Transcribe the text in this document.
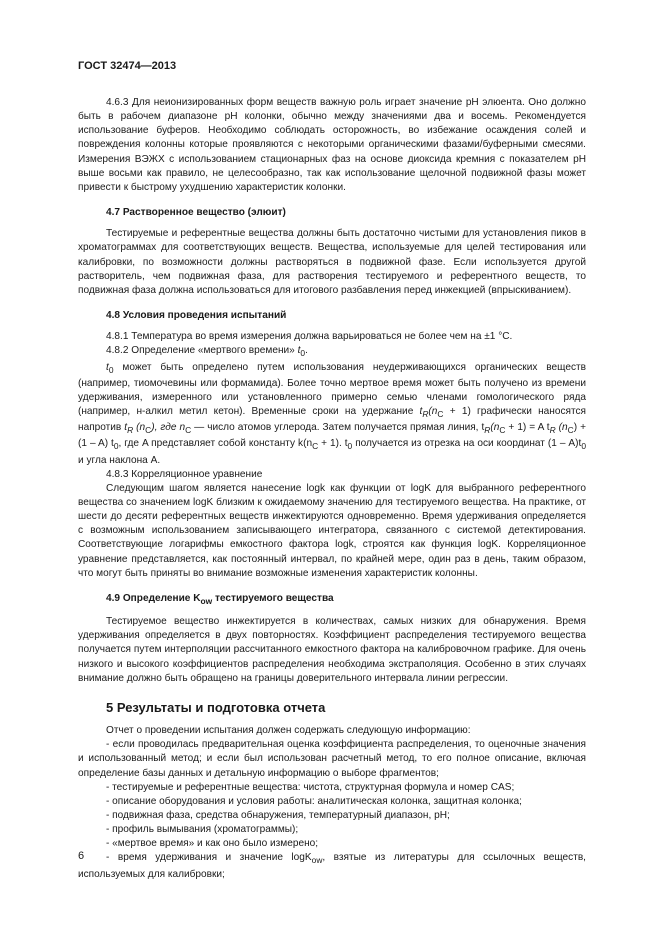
ГОСТ 32474—2013

4.6.3 Для неионизированных форм веществ важную роль играет значение pH элюента. Оно должно быть в рабочем диапазоне pH колонки, обычно между значениями два и восемь. Рекомендуется использование буферов. Необходимо соблюдать осторожность, во избежание осаждения солей и повреждения колонны которые проявляются с некоторыми органическими фазами/буферными смесями. Измерения ВЭЖХ с использованием стационарных фаз на основе диоксида кремния с показателем pH выше восьми как правило, не целесообразно, так как использование щелочной подвижной фазы может привести к быстрому ухудшению характеристик колонки.

4.7 Растворенное вещество (элюит)

Тестируемые и референтные вещества должны быть достаточно чистыми для установления пиков в хроматограммах для соответствующих веществ. Вещества, используемые для целей тестирования или калибровки, по возможности должны растворяться в подвижной фазе. Если используется другой растворитель, чем подвижная фаза, для растворения тестируемого и референтного веществ, то подвижная фаза должна использоваться для итогового разбавления перед инжекцией (впрыскиванием).

4.8 Условия проведения испытаний

4.8.1 Температура во время измерения должна варьироваться не более чем на ±1 °C.

4.8.2 Определение «мертвого времени» $t_0$.

$t_0$ может быть определено путем использования неудерживающихся органических веществ (например, тиомочевины или формамида). Более точно мертвое время может быть получено из времени удерживания, измеренного или установленного примерно семью членами гомологического ряда (например, н-алкил метил кетон). Временные сроки на удержание $t_R(n_C + 1)$ графически наносятся напротив $t_R$ $(n_C)$, где $n_C$ — число атомов углерода. Затем получается прямая линия, $t_R(n_C + 1) = A$ $t_R$ $(n_C) + (1 - A)$ $t_0$, где A представляет собой константу $k(n_C + 1)$. $t_0$ получается из отрезка на оси координат $(1 - A)t_0$ и угла наклона A.

4.8.3 Корреляционное уравнение

Следующим шагом является нанесение logk как функции от logK для выбранного референтного вещества со значением logK близким к ожидаемому значению для тестируемого вещества. На практике, от шести до десяти референтных веществ инжектируются одновременно. Время удерживания определяется с возможным использованием записывающего интегратора, связанного с системой детектирования. Соответствующие логарифмы емкостного фактора logk, строятся как функция logK. Корреляционное уравнение представляется, как постоянный интервал, по крайней мере, один раз в день, таким образом, что могут быть приняты во внимание возможные изменения характеристик колонны.

4.9 Определение $K_{ow}$ тестируемого вещества

Тестируемое вещество инжектируется в количествах, самых низких для обнаружения. Время удерживания определяется в двух повторностях. Коэффициент распределения тестируемого вещества получается путем интерполяции рассчитанного емкостного фактора на калибровочном графике. Для очень низкого и высокого коэффициентов распределения необходима экстраполяция. Особенно в этих случаях внимание должно быть обращено на границы доверительного интервала линии регрессии.

5 Результаты и подготовка отчета

Отчет о проведении испытания должен содержать следующую информацию:

- если проводилась предварительная оценка коэффициента распределения, то оценочные значения и использованный метод; и если был использован расчетный метод, то его полное описание, включая определение базы данных и детальную информацию о выборе фрагментов;

- тестируемые и референтные вещества: чистота, структурная формула и номер CAS;

- описание оборудования и условия работы: аналитическая колонка, защитная колонка;

- подвижная фаза, средства обнаружения, температурный диапазон, pH;

- профиль вымывания (хроматограммы);

- «мертвое время» и как оно было измерено;

- время удерживания и значение logK$_{ow}$, взятые из литературы для ссылочных веществ, используемых для калибровки;

6
